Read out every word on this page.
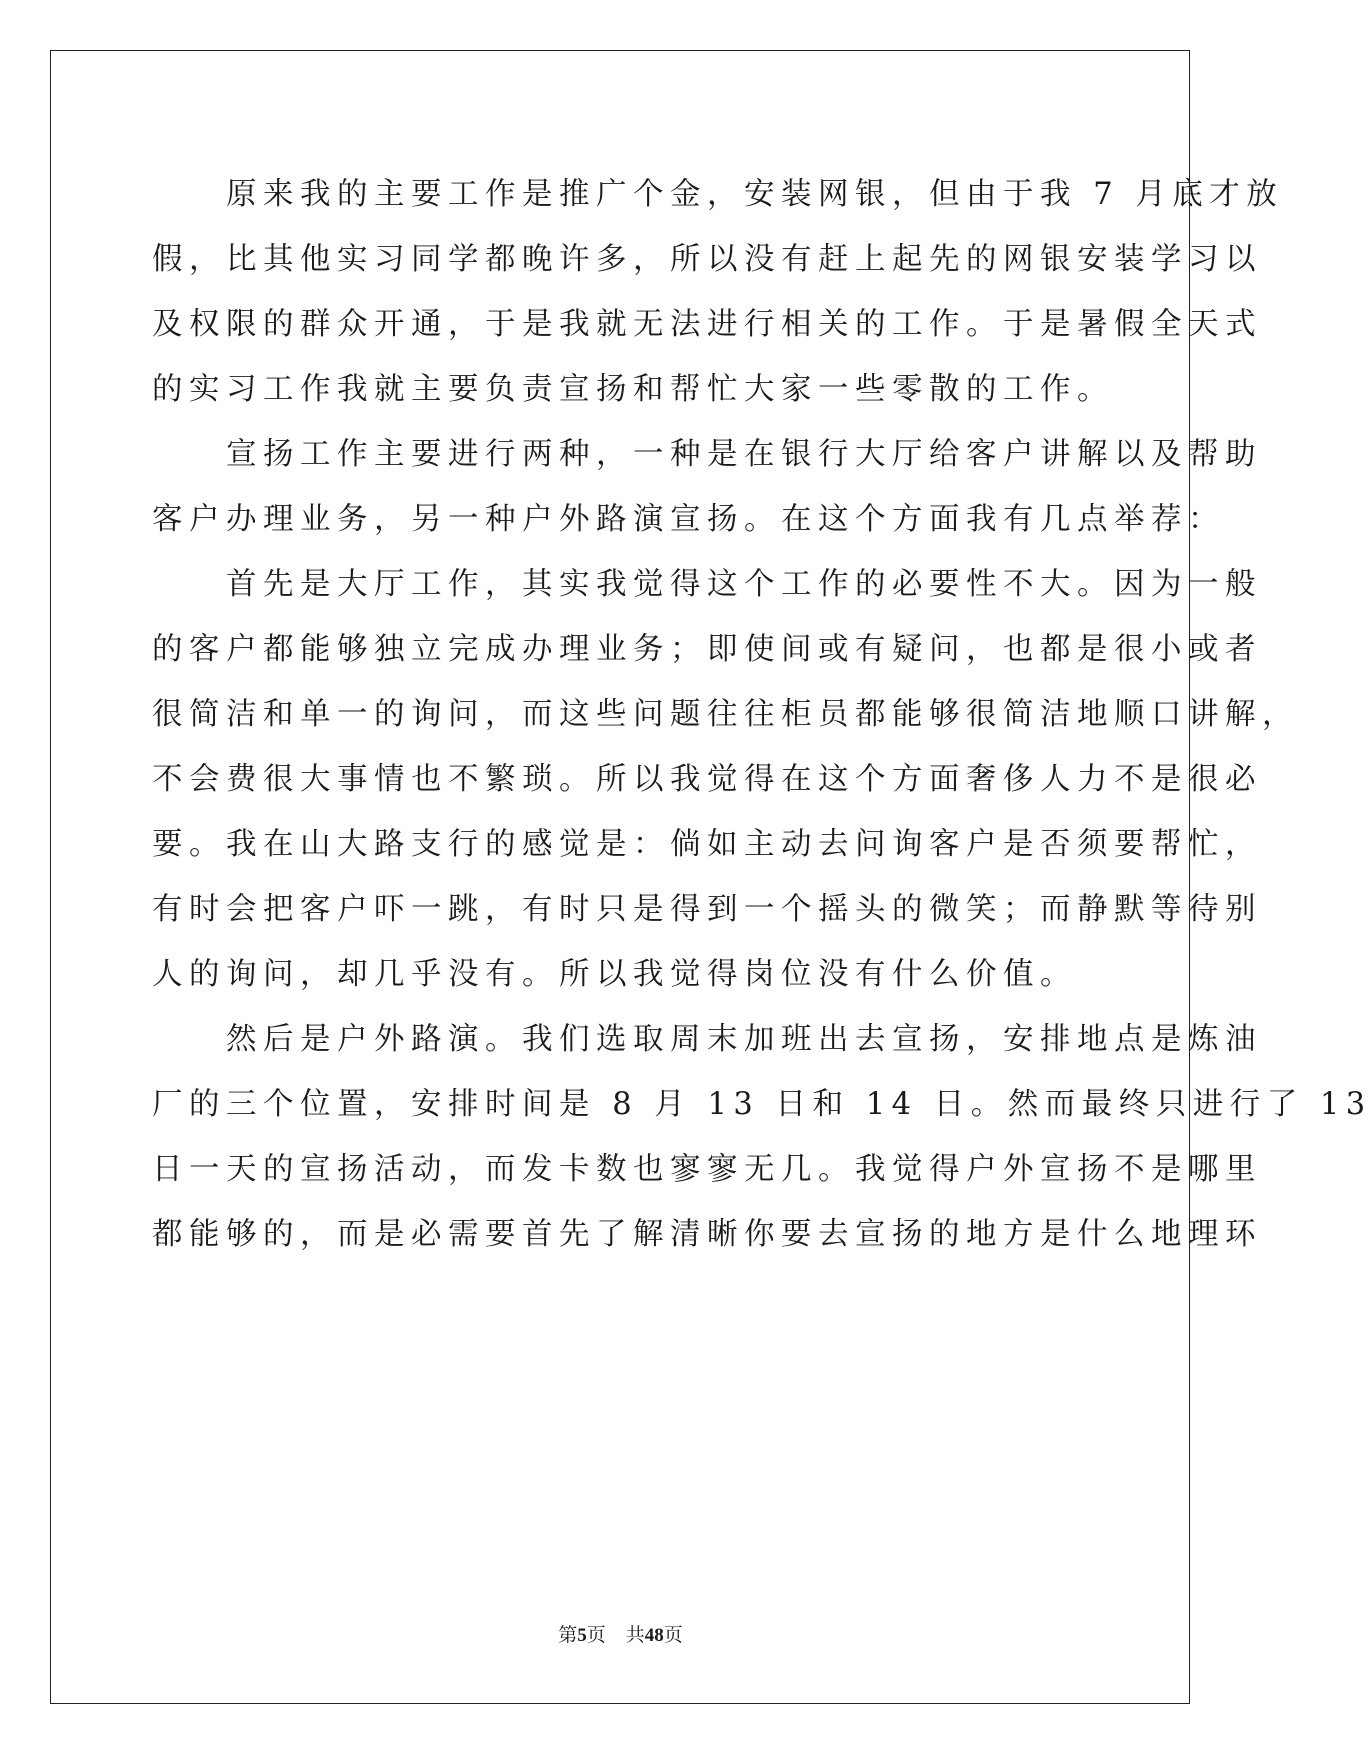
　　原来我的主要工作是推广个金，安装网银，但由于我 7 月底才放
假，比其他实习同学都晚许多，所以没有赶上起先的网银安装学习以
及权限的群众开通，于是我就无法进行相关的工作。于是暑假全天式
的实习工作我就主要负责宣扬和帮忙大家一些零散的工作。
　　宣扬工作主要进行两种，一种是在银行大厅给客户讲解以及帮助
客户办理业务，另一种户外路演宣扬。在这个方面我有几点举荐：
　　首先是大厅工作，其实我觉得这个工作的必要性不大。因为一般
的客户都能够独立完成办理业务；即使间或有疑问，也都是很小或者
很简洁和单一的询问，而这些问题往往柜员都能够很简洁地顺口讲解，
不会费很大事情也不繁琐。所以我觉得在这个方面奢侈人力不是很必
要。我在山大路支行的感觉是：倘如主动去问询客户是否须要帮忙，
有时会把客户吓一跳，有时只是得到一个摇头的微笑；而静默等待别
人的询问，却几乎没有。所以我觉得岗位没有什么价值。
　　然后是户外路演。我们选取周末加班出去宣扬，安排地点是炼油
厂的三个位置，安排时间是 8 月 13 日和 14 日。然而最终只进行了 13
日一天的宣扬活动，而发卡数也寥寥无几。我觉得户外宣扬不是哪里
都能够的，而是必需要首先了解清晰你要去宣扬的地方是什么地理环
第5页 共48页
